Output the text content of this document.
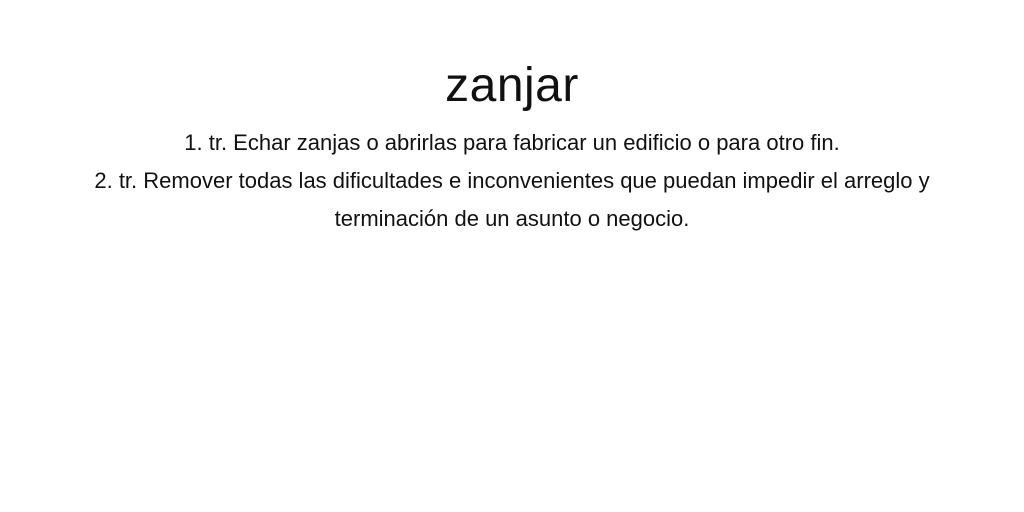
zanjar

1. tr. Echar zanjas o abrirlas para fabricar un edificio o para otro fin.

2. tr. Remover todas las dificultades e inconvenientes que puedan impedir el arreglo y terminación de un asunto o negocio.
